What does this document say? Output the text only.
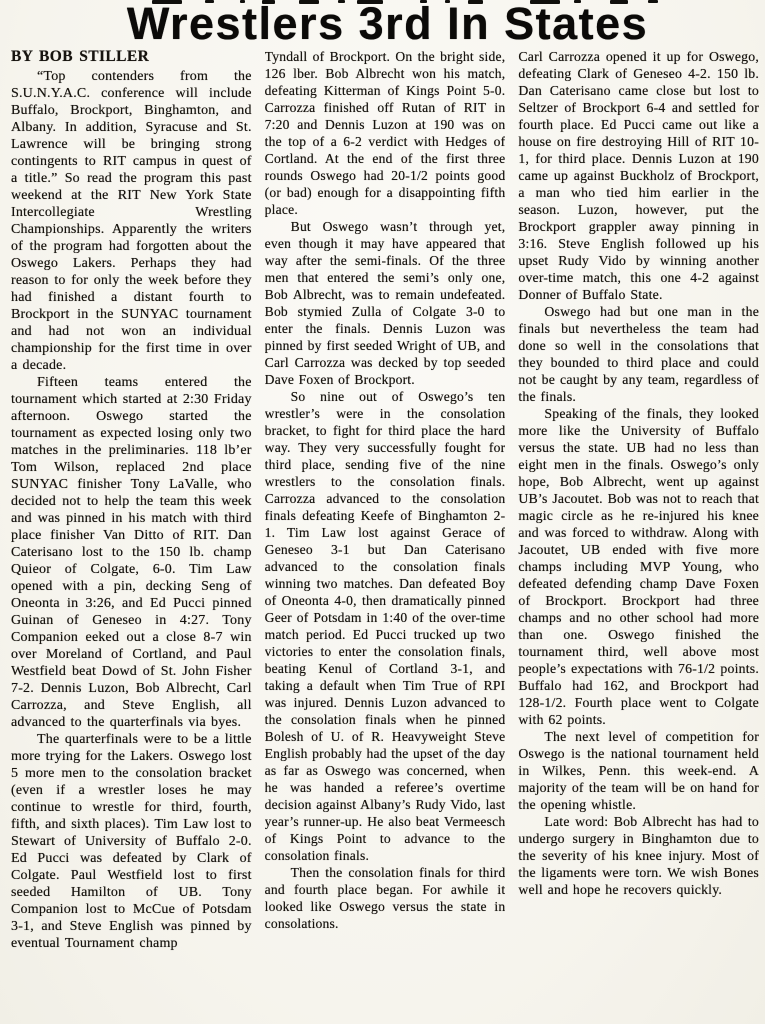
Wrestlers 3rd In States
BY BOB STILLER

“Top contenders from the S.U.N.Y.A.C. conference will include Buffalo, Brockport, Binghamton, and Albany. In addition, Syracuse and St. Lawrence will be bringing strong contingents to RIT campus in quest of a title.” So read the program this past weekend at the RIT New York State Intercollegiate Wrestling Championships. Apparently the writers of the program had forgotten about the Oswego Lakers. Perhaps they had reason to for only the week before they had finished a distant fourth to Brockport in the SUNYAC tournament and had not won an individual championship for the first time in over a decade.

Fifteen teams entered the tournament which started at 2:30 Friday afternoon. Oswego started the tournament as expected losing only two matches in the preliminaries. 118 lb’er Tom Wilson, replaced 2nd place SUNYAC finisher Tony LaValle, who decided not to help the team this week and was pinned in his match with third place finisher Van Ditto of RIT. Dan Caterisano lost to the 150 lb. champ Quieor of Colgate, 6-0. Tim Law opened with a pin, decking Seng of Oneonta in 3:26, and Ed Pucci pinned Guinan of Geneseo in 4:27. Tony Companion eeked out a close 8-7 win over Moreland of Cortland, and Paul Westfield beat Dowd of St. John Fisher 7-2. Dennis Luzon, Bob Albrecht, Carl Carrozza, and Steve English, all advanced to the quarterfinals via byes.

The quarterfinals were to be a little more trying for the Lakers. Oswego lost 5 more men to the consolation bracket (even if a wrestler loses he may continue to wrestle for third, fourth, fifth, and sixth places). Tim Law lost to Stewart of University of Buffalo 2-0. Ed Pucci was defeated by Clark of Colgate. Paul Westfield lost to first seeded Hamilton of UB. Tony Companion lost to McCue of Potsdam 3-1, and Steve English was pinned by eventual Tournament champ

Tyndall of Brockport. On the bright side, 126 lber. Bob Albrecht won his match, defeating Kitterman of Kings Point 5-0. Carrozza finished off Rutan of RIT in 7:20 and Dennis Luzon at 190 was on the top of a 6-2 verdict with Hedges of Cortland. At the end of the first three rounds Oswego had 20-1/2 points good (or bad) enough for a disappointing fifth place.

But Oswego wasn’t through yet, even though it may have appeared that way after the semi-finals. Of the three men that entered the semi’s only one, Bob Albrecht, was to remain undefeated. Bob stymied Zulla of Colgate 3-0 to enter the finals. Dennis Luzon was pinned by first seeded Wright of UB, and Carl Carrozza was decked by top seeded Dave Foxen of Brockport.

So nine out of Oswego’s ten wrestler’s were in the consolation bracket, to fight for third place the hard way. They very successfully fought for third place, sending five of the nine wrestlers to the consolation finals. Carrozza advanced to the consolation finals defeating Keefe of Binghamton 2-1. Tim Law lost against Gerace of Geneseo 3-1 but Dan Caterisano advanced to the consolation finals winning two matches. Dan defeated Boy of Oneonta 4-0, then dramatically pinned Geer of Potsdam in 1:40 of the over-time match period. Ed Pucci trucked up two victories to enter the consolation finals, beating Kenul of Cortland 3-1, and taking a default when Tim True of RPI was injured. Dennis Luzon advanced to the consolation finals when he pinned Bolesh of U. of R. Heavyweight Steve English probably had the upset of the day as far as Oswego was concerned, when he was handed a referee’s overtime decision against Albany’s Rudy Vido, last year’s runner-up. He also beat Vermeesch of Kings Point to advance to the consolation finals.

Then the consolation finals for third and fourth place began. For awhile it looked like Oswego versus the state in consolations.

Carl Carrozza opened it up for Oswego, defeating Clark of Geneseo 4-2. 150 lb. Dan Caterisano came close but lost to Seltzer of Brockport 6-4 and settled for fourth place. Ed Pucci came out like a house on fire destroying Hill of RIT 10-1, for third place. Dennis Luzon at 190 came up against Buckholz of Brockport, a man who tied him earlier in the season. Luzon, however, put the Brockport grappler away pinning in 3:16. Steve English followed up his upset Rudy Vido by winning another over-time match, this one 4-2 against Donner of Buffalo State.

Oswego had but one man in the finals but nevertheless the team had done so well in the consolations that they bounded to third place and could not be caught by any team, regardless of the finals.

Speaking of the finals, they looked more like the University of Buffalo versus the state. UB had no less than eight men in the finals. Oswego’s only hope, Bob Albrecht, went up against UB’s Jacoutet. Bob was not to reach that magic circle as he re-injured his knee and was forced to withdraw. Along with Jacoutet, UB ended with five more champs including MVP Young, who defeated defending champ Dave Foxen of Brockport. Brockport had three champs and no other school had more than one. Oswego finished the tournament third, well above most people’s expectations with 76-1/2 points. Buffalo had 162, and Brockport had 128-1/2. Fourth place went to Colgate with 62 points.

The next level of competition for Oswego is the national tournament held in Wilkes, Penn. this week-end. A majority of the team will be on hand for the opening whistle.

Late word: Bob Albrecht has had to undergo surgery in Binghamton due to the severity of his knee injury. Most of the ligaments were torn. We wish Bones well and hope he recovers quickly.
